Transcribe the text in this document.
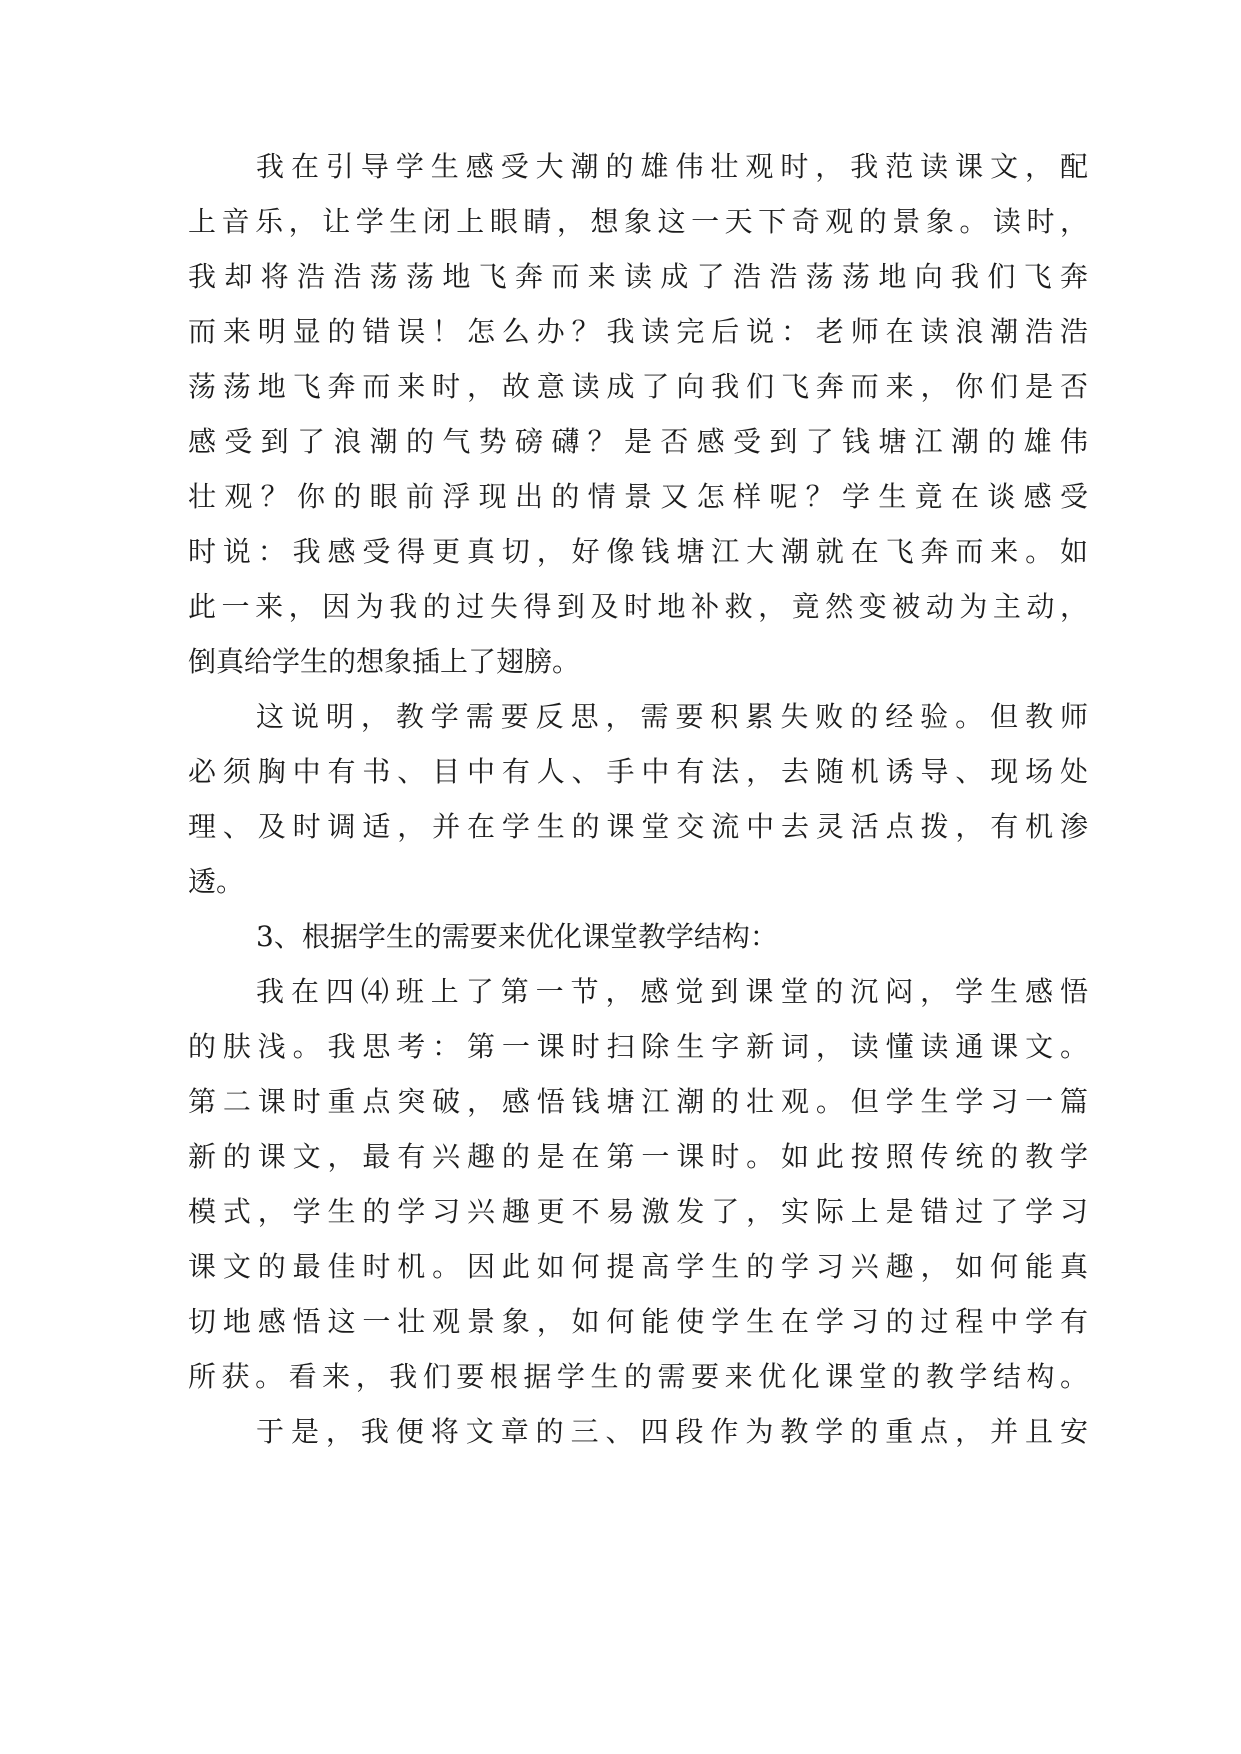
我在引导学生感受大潮的雄伟壮观时，我范读课文，配
上音乐，让学生闭上眼睛，想象这一天下奇观的景象。读时，
我却将浩浩荡荡地飞奔而来读成了浩浩荡荡地向我们飞奔
而来明显的错误！怎么办？我读完后说：老师在读浪潮浩浩
荡荡地飞奔而来时，故意读成了向我们飞奔而来，你们是否
感受到了浪潮的气势磅礴？是否感受到了钱塘江潮的雄伟
壮观？你的眼前浮现出的情景又怎样呢？学生竟在谈感受
时说：我感受得更真切，好像钱塘江大潮就在飞奔而来。如
此一来，因为我的过失得到及时地补救，竟然变被动为主动，
倒真给学生的想象插上了翅膀。
这说明，教学需要反思，需要积累失败的经验。但教师
必须胸中有书、目中有人、手中有法，去随机诱导、现场处
理、及时调适，并在学生的课堂交流中去灵活点拨，有机渗
透。
3、根据学生的需要来优化课堂教学结构：
我在四⑷班上了第一节，感觉到课堂的沉闷，学生感悟
的肤浅。我思考：第一课时扫除生字新词，读懂读通课文。
第二课时重点突破，感悟钱塘江潮的壮观。但学生学习一篇
新的课文，最有兴趣的是在第一课时。如此按照传统的教学
模式，学生的学习兴趣更不易激发了，实际上是错过了学习
课文的最佳时机。因此如何提高学生的学习兴趣，如何能真
切地感悟这一壮观景象，如何能使学生在学习的过程中学有
所获。看来，我们要根据学生的需要来优化课堂的教学结构。
于是，我便将文章的三、四段作为教学的重点，并且安
